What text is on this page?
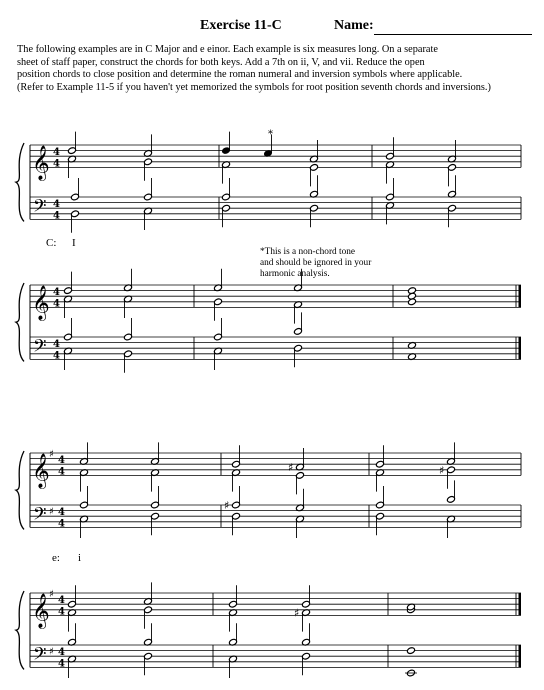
Exercise 11-C	Name:
The following examples are in C Major and e einor. Each example is six measures long. On a separate
sheet of staff paper, construct the chords for both keys. Add a 7th on ii, V, and vii. Reduce the open
position chords to close position and determine the roman numeral and inversion symbols where applicable.
(Refer to Example 11-5 if you haven't yet memorized the symbols for root position seventh chords and inversions.)
𝄞
𝄢
4
4
4
4
*
C: I
*This is a non-chord tone
and should be ignored in your
harmonic analysis.
𝄞
𝄢
4
4
4
4
𝄞
𝄢
♯
♯
4
4
4
4
♯	♯
♯
e: i
𝄞
𝄢
♯
♯
4
4
4
4
♯
